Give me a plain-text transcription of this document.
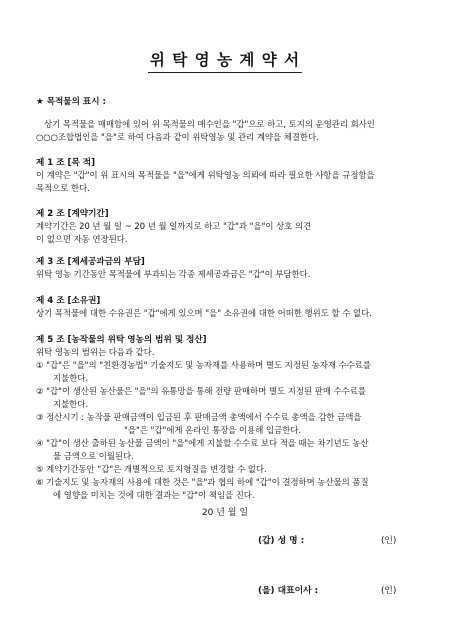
위 탁 영 농 계 약 서
★ 목적물의 표시 :
상기 목적물을 매매함에 있어 위 목적물의 매수인을 "갑"으로 하고, 토지의 운영관리 회사인
○○○조합법인을 "을"로 하여 다음과 같이 위탁영농 및 관리 계약을 체결한다.
제 1 조 [목 적]
이 계약은 "갑"이 위 표시의 목적물을 "을"에게 위탁영농 의뢰에 따라 필요한 사항을 규정함을
목적으로 한다.
제 2 조 [계약기간]
계약기간은 20 년 월 일 ~ 20 년 월 일까지로 하고 "갑"과 "을"이 상호 의견
이 없으면 자동 연장된다.
제 3 조 [제세공과금의 부담]
위탁 영농 기간동안 목적물에 부과되는 각종 제세공과금은 "갑"이 부담한다.
제 4 조 [소유권]
상기 목적물에 대한 수유권은 "갑"에게 있으며 "을" 소유권에 대한 어떠한 행위도 할 수 없다.
제 5 조 [농작물의 위탁 영농의 범위 및 정산]
위탁 영농의 범위는 다음과 같다.
① "갑"은 "을"의 "친환경농법" 기술지도 및 농자재를 사용하며 별도 지정된 농자재 수수료를
지불한다.
② "갑"이 생산된 농산물은 "을"의 유통망을 통해 전량 판매하며 별도 지정된 판매 수수료를
지불한다.
③ 정산시기 : 농작물 판매금액이 입금된 후 판매금액 총액에서 수수료 총액을 감한 금액을
"을"은 "갑"에게 온라인 통장을 이용해 입금한다.
④ "갑"이 생산 출하된 농산물 금액이 "을"에게 지불할 수수료 보다 적을 때는 차기년도 농산
물 금액으로 이월된다.
⑤ 계약기간동안 "갑"은 개별적으로 토지형질을 변경할 수 없다.
⑥ 기술지도 및 농자재의 사용에 대한 것은 "을"과 협의 하에 "갑"이 결정하며 농산물의 품질
에 영향을 미치는 것에 대한 결과는 "갑"이 책임을 진다.
20 년 월 일
(갑) 성 명 :	(인)
(을) 대표이사 :	(인)
